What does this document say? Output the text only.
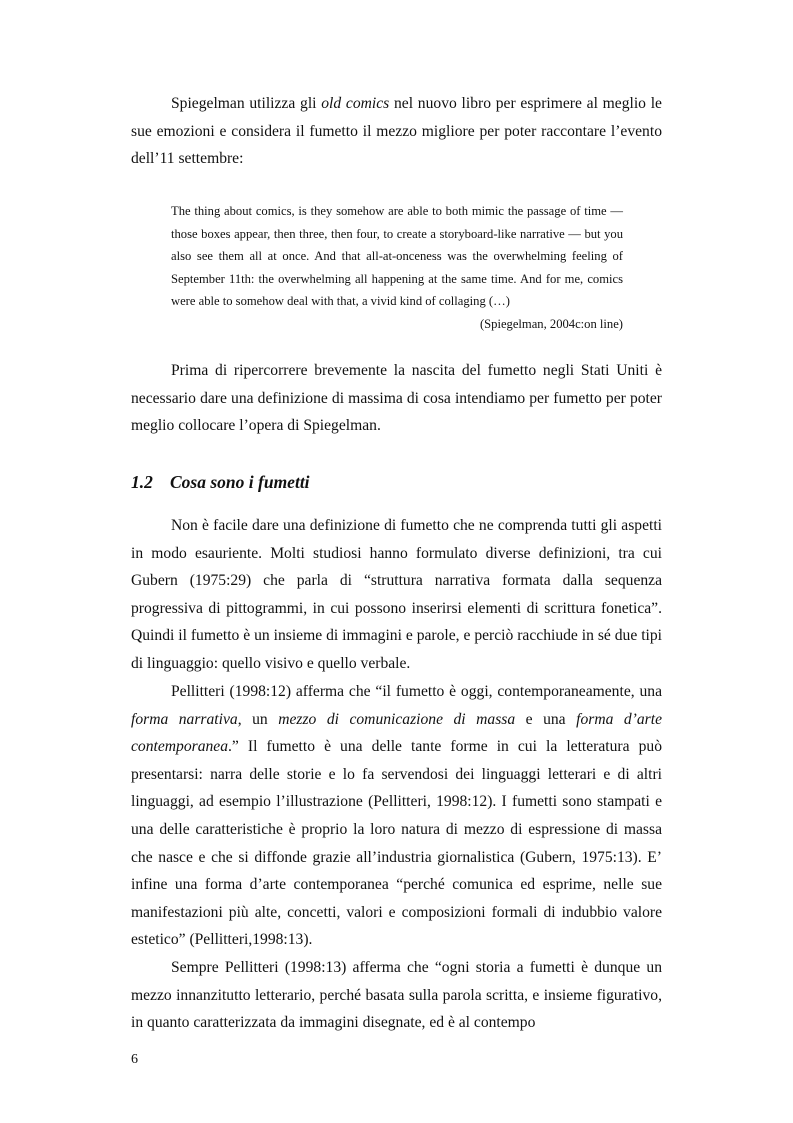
Spiegelman utilizza gli old comics nel nuovo libro per esprimere al meglio le sue emozioni e considera il fumetto il mezzo migliore per poter raccontare l’evento dell’11 settembre:

The thing about comics, is they somehow are able to both mimic the passage of time — those boxes appear, then three, then four, to create a storyboard-like narrative — but you also see them all at once. And that all-at-onceness was the overwhelming feeling of September 11th: the overwhelming all happening at the same time. And for me, comics were able to somehow deal with that, a vivid kind of collaging (…)

(Spiegelman, 2004c:on line)

Prima di ripercorrere brevemente la nascita del fumetto negli Stati Uniti è necessario dare una definizione di massima di cosa intendiamo per fumetto per poter meglio collocare l’opera di Spiegelman.

1.2 Cosa sono i fumetti

Non è facile dare una definizione di fumetto che ne comprenda tutti gli aspetti in modo esauriente. Molti studiosi hanno formulato diverse definizioni, tra cui Gubern (1975:29) che parla di “struttura narrativa formata dalla sequenza progressiva di pittogrammi, in cui possono inserirsi elementi di scrittura fonetica”. Quindi il fumetto è un insieme di immagini e parole, e perciò racchiude in sé due tipi di linguaggio: quello visivo e quello verbale.

Pellitteri (1998:12) afferma che “il fumetto è oggi, contemporaneamente, una forma narrativa, un mezzo di comunicazione di massa e una forma d’arte contemporanea.” Il fumetto è una delle tante forme in cui la letteratura può presentarsi: narra delle storie e lo fa servendosi dei linguaggi letterari e di altri linguaggi, ad esempio l’illustrazione (Pellitteri, 1998:12). I fumetti sono stampati e una delle caratteristiche è proprio la loro natura di mezzo di espressione di massa che nasce e che si diffonde grazie all’industria giornalistica (Gubern, 1975:13). E’ infine una forma d’arte contemporanea “perché comunica ed esprime, nelle sue manifestazioni più alte, concetti, valori e composizioni formali di indubbio valore estetico” (Pellitteri,1998:13).

Sempre Pellitteri (1998:13) afferma che “ogni storia a fumetti è dunque un mezzo innanzitutto letterario, perché basata sulla parola scritta, e insieme figurativo, in quanto caratterizzata da immagini disegnate, ed è al contempo

6
